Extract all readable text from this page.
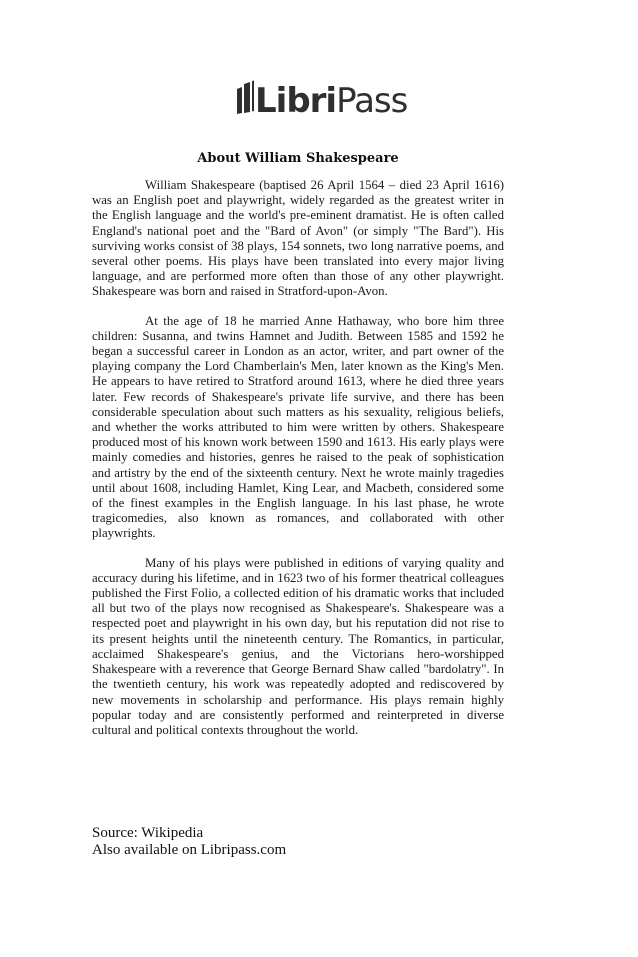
LibriPass
About William Shakespeare

William Shakespeare (baptised 26 April 1564 – died 23 April 1616) was an English poet and playwright, widely regarded as the greatest writer in the English language and the world's pre-eminent dramatist. He is often called England's national poet and the "Bard of Avon" (or simply "The Bard"). His surviving works consist of 38 plays, 154 sonnets, two long narrative poems, and several other poems. His plays have been translated into every major living language, and are performed more often than those of any other playwright. Shakespeare was born and raised in Stratford-upon-Avon.

At the age of 18 he married Anne Hathaway, who bore him three children: Susanna, and twins Hamnet and Judith. Between 1585 and 1592 he began a successful career in London as an actor, writer, and part owner of the playing company the Lord Chamberlain's Men, later known as the King's Men. He appears to have retired to Stratford around 1613, where he died three years later. Few records of Shakespeare's private life survive, and there has been considerable speculation about such matters as his sexuality, religious beliefs, and whether the works attributed to him were written by others. Shakespeare produced most of his known work between 1590 and 1613. His early plays were mainly comedies and histories, genres he raised to the peak of sophistication and artistry by the end of the sixteenth century. Next he wrote mainly tragedies until about 1608, including Hamlet, King Lear, and Macbeth, considered some of the finest examples in the English language. In his last phase, he wrote tragicomedies, also known as romances, and collaborated with other playwrights.

Many of his plays were published in editions of varying quality and accuracy during his lifetime, and in 1623 two of his former theatrical colleagues published the First Folio, a collected edition of his dramatic works that included all but two of the plays now recognised as Shakespeare's. Shakespeare was a respected poet and playwright in his own day, but his reputation did not rise to its present heights until the nineteenth century. The Romantics, in particular, acclaimed Shakespeare's genius, and the Victorians hero-worshipped Shakespeare with a reverence that George Bernard Shaw called "bardolatry". In the twentieth century, his work was repeatedly adopted and rediscovered by new movements in scholarship and performance. His plays remain highly popular today and are consistently performed and reinterpreted in diverse cultural and political contexts throughout the world.

Source: Wikipedia
Also available on Libripass.com
